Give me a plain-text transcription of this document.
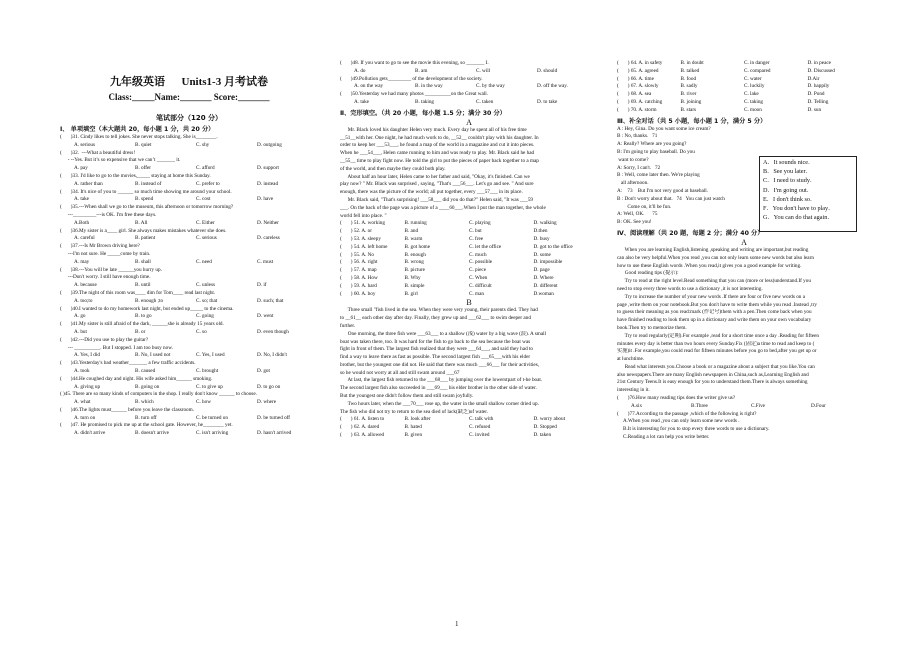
九年级英语      Units1-3 月考试卷
Class:_____Name:_______ Score:_______
笔试部分（120 分）
Ⅰ、 单项填空（本大题共 20，每小题 1 分，共 20 分）
(       )31. Cindy likes to tell jokes. She never stops talking. She is________.
A. serious	B. quiet	C. shy	D. outgoing
(       )32.  ---What a beautiful dress!
- --Yes. But it’s so expensive that we can’t _______ it.
A. pay	B. offer	C. afford	D. support
(       )33. I'd like to go to the movies,_____ staying at home this Sunday.
A. rather than	B. instead of	C. prefer to	D. instead
(       )34. It's nice of you to ______ so much time showing me around your school.
A. take	B. spend	C. cost	D. have
(       )35.---When shall we go to the museum, this afternoon or tomorrow morning?
---_________---is OK. I'm free these days.
A.Both	B. All	C. Either	D. Neither
(       )36.My sister is a____ girl. She always makes mistakes whatever she does.
A. careful	B. patient	C. serious	D. careless
(       )37.---Is Mr Brown driving here?
---I'm not sure. He _____come by train.
A. may	B. shall	C. need	C. must
(       )38.---You will be late ______you hurry up.
---Don't worry. I still have enough time.
A. because	B. until	C. unless	D. if
(       )39.The night of this room was____ dim for Tom____ read last night.
A. too;to	B. enough ;to	C. so; that	D. such; that
(       )40.I wanted to do my homework last night, but ended up_____ to the cinema.
A. go	B. to go	C. going	D. went
(       )41.My sister is still afraid of the dark, ______she is already 15 years old.
A. but	B. or	C. so	D. even though
(       )42.---Did you use to play the guitar?
--- __________. But I stopped. I am too busy now.
A. Yes, I did	B. No, I used not	C. Yes, I used	D. No, I didn't
(       )43.Yesterday's bad weather_______ a few traffic accidents.
A. took	B. caused	C. brought	D. got
(       )44.He coughed day and night. His wife asked him______ smoking.
A. giving up	B. going on	C. to give up	D. to go on
( )45. There are so many kinds of computers in the shop. I really don't know ______ to choose.
A. what	B. which	C. how	D. where
(       )46.The lights must______ before you leave the classroom.
A. turn on	B. turn off	C. be turned on	D. be turned off
(       )47. He promised to pick me up at the school gate. However, he________ yet.
A. didn't arrive	B. doesn't arrive	C. isn't arriving	D. hasn't arrived
(       )48. If you want to go to see the movie this evening, so _______ I.
A. do	B. am	C. will	D. should
(       )49.Pollution gets_________ of the development of the society.
A. on the way	B. in the way	C. by the way	D. off the way.
(       )50.Yesterday we had many photos __________on the Great wall.
A. take	B. taking	C. taken	D. to take
Ⅱ、完形填空。（共 20 小题，每小题 1.5 分；满分 30 分）
A
Mr. Black loved his daughter Helen very much. Every day he spent all of his free time
__51__with her. One night, he had much work to do, __52__ couldn't play with his daughter. In
order to keep her ___53___, he found a map of the world in a magazine and cut it into pieces.
When he ___54___, Helen came running to him and was ready to play. Mr. Black said he had
__55__ time to play fight now. He told the girl to put the pieces of paper back together to a map
of the world, and then maybe they could both play.
About half an hour later, Helen came to her father and said, "Okay, it's finished. Can we
play now? " Mr. Black was surprised , saying, "That's ___56___. Let's go and see. " And sure
enough, there was the picture of the world; all put together, every ___57___ in its place.
Mr. Black said, "That's surprising! ___58___ did you do that?" Helen said, "It was ___59
___. On the back of the page was a picture of a ____60___.When I put the man together, the whole
world fell into place. "
(       ) 51. A. working	B. running	C. playing	D. walking
(       ) 52. A. or	B. and	C. but	D.then
(       ) 53. A. sleepy	B. warm	C. free	D. busy
(       ) 54. A. left home	B. got home	C. let the office	D. got to the office
(       ) 55. A. No	B. enough	C. much	D. some
(       ) 56. A. right	B. wrong	C. possible	D. impossible
(       ) 57. A. map	B. picture	C. piece	D. page
(       ) 58. A. How	B. Why	C. When	D. Where
(       ) 59. A. hard	B. simple	C. difficult	D. different
(       ) 60. A. boy	B. girl	C. man	D.woman
B
Three small "fish lived in the sea. When they were very young, their parents died. They had
to __61__ each other day after day. Finally, they grew up and ___62___ to swim deeper and
further.
One morning, the three fish were ___63___ to a shallow (浅) water by a big wave (浪). A small
boat was taken there, too. It was hard for the fish to go back to the sea because the boat was
fight in front of them. The largest fish realized that they were ___64___, and said they had to
find a way to leave there as fast as possible. The second largest fish ___65___with his elder
brother, but the youngest one did not. He said that there was much ___66___ for their activities,
so he would not worry at all and still swam around ___67
At last, the largest fish returned to the ___68___ by jumping over the lowerstpart of t-he boat.
The second largest fish also succeeded in ___69___ his elder brother in the other side of water.
But the youngest one didn't follow them and still swam joyfully.
Two hours later, when the ___70___ rose up, the water in the small shallow corner dried up.
The fish who did not try to return to the sea died of lack(缺乏)of water.
(       ) 61. A. listen to	B. look after	C. talk with	D. worry about
(       ) 62. A. dared	B. hated	C. refused	D. Stopped
(       ) 63. A. allowed	B. given	C. invited	D. taken
(       ) 64. A. in safety	B. in doubt	C. in danger	D. in peace
(       ) 65. A. agreed	B. talked	C. compared	D. Discussed
(       ) 66. A. time	B. food	C. water	D.Air
(       ) 67. A. slowly	B. sadly	C. luckily	D. happily
(       ) 68. A. sea	B. river	C. lake	D. Pond
(       ) 69. A. catching	B. joining	C. taking	D. Telling
(       ) 70. A. storm	B. stars	C. moon	D. sun
Ⅲ、补全对话（共 5 小题，每小题 1 分，满分 5 分）
A : Hey, Gina. Do you want some ice cream?
B : No, thanks.   71
A: Really? Where are you going?
B: I'm going to play baseball. Do you
want to come?
A: Sorry, I can't.   72
B : Well, come later then. We're playing
all afternoon.
A:    73    But I'm not very good at baseball.
B : Don't worry about that.   74   You can just watch
Come on, it'll be fun.
A: Well, OK.      75
B: OK. See you!
Ⅳ、阅读理解（共 20 题，每题 2 分；满分 40 分）
A
When you are learning English,listening ,speaking and writing are important,but reading
can also be very helpful.When you read ,you can not only learn some new words but also learn
how to use these English words .When you read,it gives you a good example for writing.
Good reading tips (提示):
Try to read at the right level.Read something that you can (more or less)understand.If you
need to stop every three words to use a dictionary ,it is not interesting.
Try to increase the number of your new words .If there are four or five new words on a
page ,write them on your notebook.But you don't have to write them while you read .Instead ,try
to guess their meaning as you read:mark (作记号)them with a pen.Then come back when you
have finished reading to look them up in a dictionary and write them on your own vocabulary
book.Then try to memorize them.
Try to read regularly(定期).For example ,read for a short time once a day .Reading for fifteen
minutes every day is better than two hours every Sunday.Fix (固定)a time to read and keep to (
实施)it .For example,you could read for fifteen minutes before you go to bed,after you get up or
at lunchtime.
Read what interests you.Choose a book or a magazine about a subject that you like.You can
also newspapers.There are many English newspapers in China,such as,Learning English and
21st Century Teens.It is easy enough for you to understand them.There is always something
interesting in it.
(       )76.How many reading tips does the writer give us?
A.six	B.Three	C.Five	D.Four
(       )77.According to the passage ,which of the following is right?
A.When you read ,you can only learn some new words .
B.It is interesting for you to stop every three words to use a dictionary.
C.Reading a lot can help you write better.
A．It sounds nice．
B．See you later．
C．I need to study．
D．I'm going out．
E．I don't think so．
F．You don't have to play．
G．You can do that again．
1
